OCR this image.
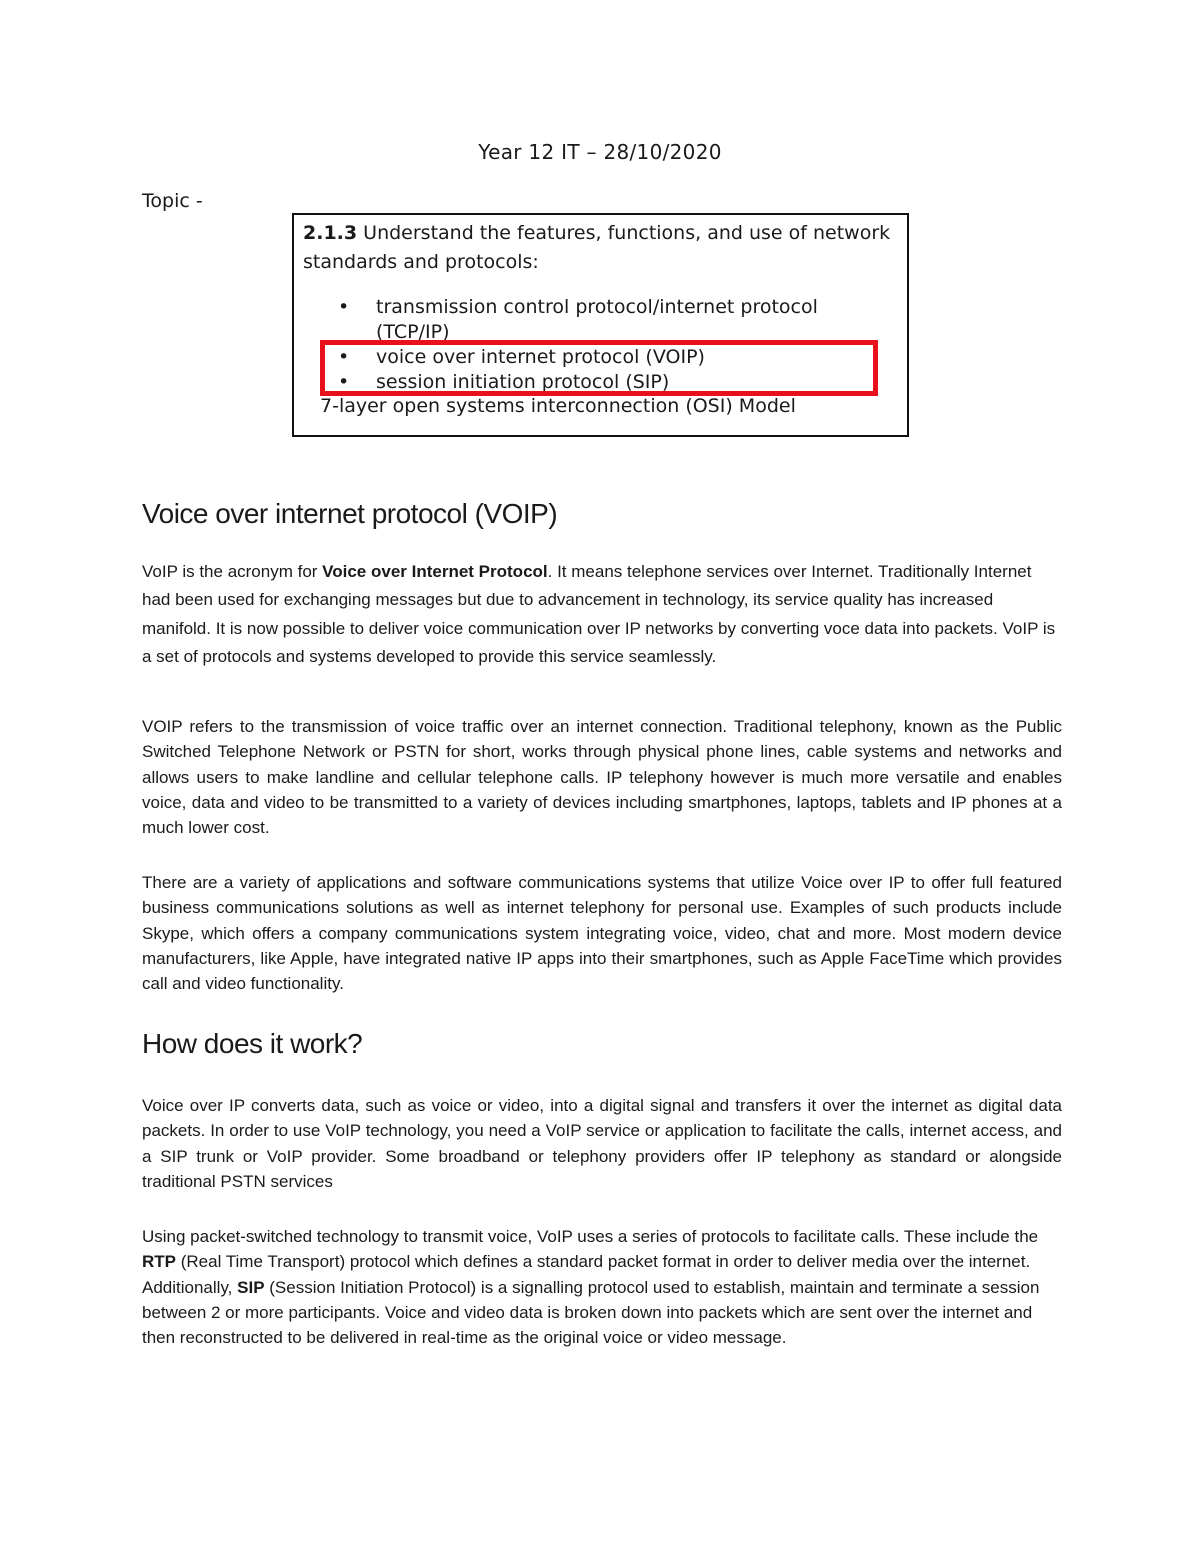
Year 12 IT – 28/10/2020
Topic -
2.1.3 Understand the features, functions, and use of network standards and protocols:
• transmission control protocol/internet protocol (TCP/IP)
• voice over internet protocol (VOIP)
• session initiation protocol (SIP)
7-layer open systems interconnection (OSI) Model
Voice over internet protocol (VOIP)

VoIP is the acronym for Voice over Internet Protocol. It means telephone services over Internet. Traditionally Internet had been used for exchanging messages but due to advancement in technology, its service quality has increased manifold. It is now possible to deliver voice communication over IP networks by converting voce data into packets. VoIP is a set of protocols and systems developed to provide this service seamlessly.

VOIP refers to the transmission of voice traffic over an internet connection. Traditional telephony, known as the Public Switched Telephone Network or PSTN for short, works through physical phone lines, cable systems and networks and allows users to make landline and cellular telephone calls. IP telephony however is much more versatile and enables voice, data and video to be transmitted to a variety of devices including smartphones, laptops, tablets and IP phones at a much lower cost.

There are a variety of applications and software communications systems that utilize Voice over IP to offer full featured business communications solutions as well as internet telephony for personal use. Examples of such products include Skype, which offers a company communications system integrating voice, video, chat and more. Most modern device manufacturers, like Apple, have integrated native IP apps into their smartphones, such as Apple FaceTime which provides call and video functionality.

How does it work?

Voice over IP converts data, such as voice or video, into a digital signal and transfers it over the internet as digital data packets. In order to use VoIP technology, you need a VoIP service or application to facilitate the calls, internet access, and a SIP trunk or VoIP provider. Some broadband or telephony providers offer IP telephony as standard or alongside traditional PSTN services

Using packet-switched technology to transmit voice, VoIP uses a series of protocols to facilitate calls. These include the RTP (Real Time Transport) protocol which defines a standard packet format in order to deliver media over the internet. Additionally, SIP (Session Initiation Protocol) is a signalling protocol used to establish, maintain and terminate a session between 2 or more participants. Voice and video data is broken down into packets which are sent over the internet and then reconstructed to be delivered in real-time as the original voice or video message.
